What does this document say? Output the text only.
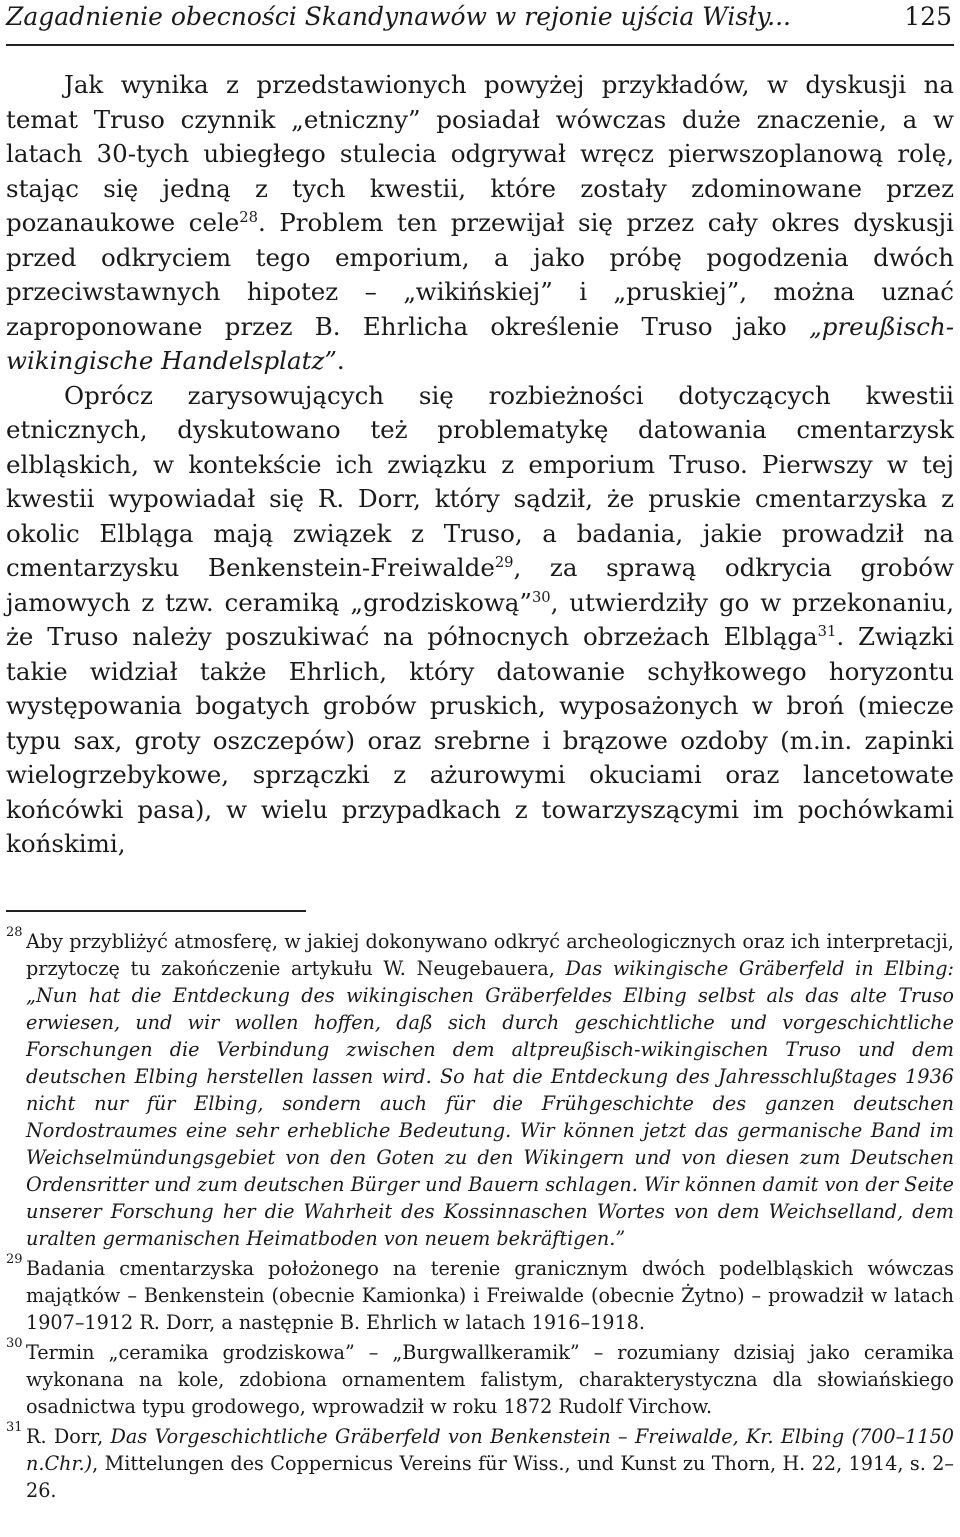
Zagadnienie obecności Skandynawów w rejonie ujścia Wisły...	125

Jak wynika z przedstawionych powyżej przykładów, w dyskusji na temat Truso czynnik „etniczny” posiadał wówczas duże znaczenie, a w latach 30-tych ubiegłego stulecia odgrywał wręcz pierwszoplanową rolę, stając się jedną z tych kwestii, które zostały zdominowane przez pozanaukowe cele$^{28}$. Problem ten przewijał się przez cały okres dyskusji przed odkryciem tego emporium, a jako próbę pogodzenia dwóch przeciwstawnych hipotez – „wikińskiej” i „pruskiej”, można uznać zaproponowane przez B. Ehrlicha określenie Truso jako „preußisch-wikingische Handelsplatz”.

Oprócz zarysowujących się rozbieżności dotyczących kwestii etnicznych, dyskutowano też problematykę datowania cmentarzysk elbląskich, w kontekście ich związku z emporium Truso. Pierwszy w tej kwestii wypowiadał się R. Dorr, który sądził, że pruskie cmentarzyska z okolic Elbląga mają związek z Truso, a badania, jakie prowadził na cmentarzysku Benkenstein-Freiwalde$^{29}$, za sprawą odkrycia grobów jamowych z tzw. ceramiką „grodziskową”$^{30}$, utwierdziły go w przekonaniu, że Truso należy poszukiwać na północnych obrzeżach Elbląga$^{31}$. Związki takie widział także Ehrlich, który datowanie schyłkowego horyzontu występowania bogatych grobów pruskich, wyposażonych w broń (miecze typu sax, groty oszczepów) oraz srebrne i brązowe ozdoby (m.in. zapinki wielogrzebykowe, sprzączki z ażurowymi okuciami oraz lancetowate końcówki pasa), w wielu przypadkach z towarzyszącymi im pochówkami końskimi,

28 Aby przybliżyć atmosferę, w jakiej dokonywano odkryć archeologicznych oraz ich interpretacji, przytoczę tu zakończenie artykułu W. Neugebauera, Das wikingische Gräberfeld in Elbing: „Nun hat die Entdeckung des wikingischen Gräberfeldes Elbing selbst als das alte Truso erwiesen, und wir wollen hoffen, daß sich durch geschichtliche und vorgeschichtliche Forschungen die Verbindung zwischen dem altpreußisch-wikingischen Truso und dem deutschen Elbing herstellen lassen wird. So hat die Entdeckung des Jahresschlußtages 1936 nicht nur für Elbing, sondern auch für die Frühgeschichte des ganzen deutschen Nordostraumes eine sehr erhebliche Bedeutung. Wir können jetzt das germanische Band im Weichselmündungsgebiet von den Goten zu den Wikingern und von diesen zum Deutschen Ordensritter und zum deutschen Bürger und Bauern schlagen. Wir können damit von der Seite unserer Forschung her die Wahrheit des Kossinnaschen Wortes von dem Weichselland, dem uralten germanischen Heimatboden von neuem bekräftigen.”
29 Badania cmentarzyska położonego na terenie granicznym dwóch podelbląskich wówczas majątków – Benkenstein (obecnie Kamionka) i Freiwalde (obecnie Żytno) – prowadził w latach 1907–1912 R. Dorr, a następnie B. Ehrlich w latach 1916–1918.
30 Termin „ceramika grodziskowa” – „Burgwallkeramik” – rozumiany dzisiaj jako ceramika wykonana na kole, zdobiona ornamentem falistym, charakterystyczna dla słowiańskiego osadnictwa typu grodowego, wprowadził w roku 1872 Rudolf Virchow.
31 R. Dorr, Das Vorgeschichtliche Gräberfeld von Benkenstein – Freiwalde, Kr. Elbing (700–1150 n.Chr.), Mittelungen des Coppernicus Vereins für Wiss., und Kunst zu Thorn, H. 22, 1914, s. 2–26.
